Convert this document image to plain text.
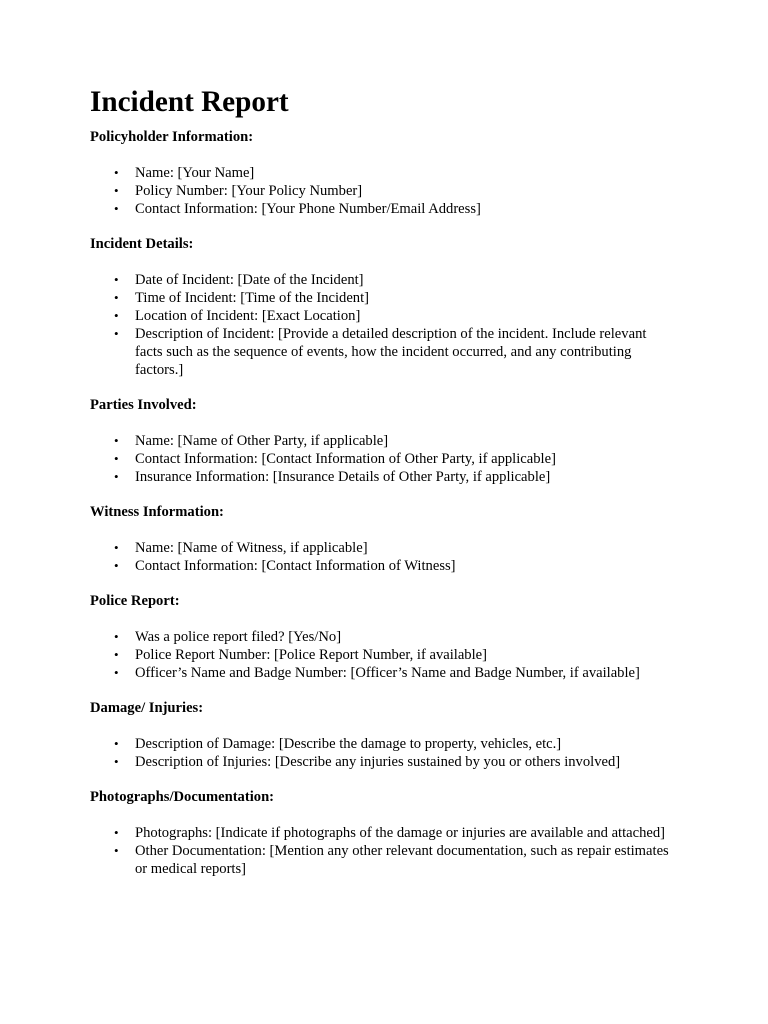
Incident Report

Policyholder Information:

• Name: [Your Name]
• Policy Number: [Your Policy Number]
• Contact Information: [Your Phone Number/Email Address]

Incident Details:

• Date of Incident: [Date of the Incident]
• Time of Incident: [Time of the Incident]
• Location of Incident: [Exact Location]
• Description of Incident: [Provide a detailed description of the incident. Include relevant facts such as the sequence of events, how the incident occurred, and any contributing factors.]

Parties Involved:

• Name: [Name of Other Party, if applicable]
• Contact Information: [Contact Information of Other Party, if applicable]
• Insurance Information: [Insurance Details of Other Party, if applicable]

Witness Information:

• Name: [Name of Witness, if applicable]
• Contact Information: [Contact Information of Witness]

Police Report:

• Was a police report filed? [Yes/No]
• Police Report Number: [Police Report Number, if available]
• Officer’s Name and Badge Number: [Officer’s Name and Badge Number, if available]

Damage/ Injuries:

• Description of Damage: [Describe the damage to property, vehicles, etc.]
• Description of Injuries: [Describe any injuries sustained by you or others involved]

Photographs/Documentation:

• Photographs: [Indicate if photographs of the damage or injuries are available and attached]
• Other Documentation: [Mention any other relevant documentation, such as repair estimates or medical reports]
